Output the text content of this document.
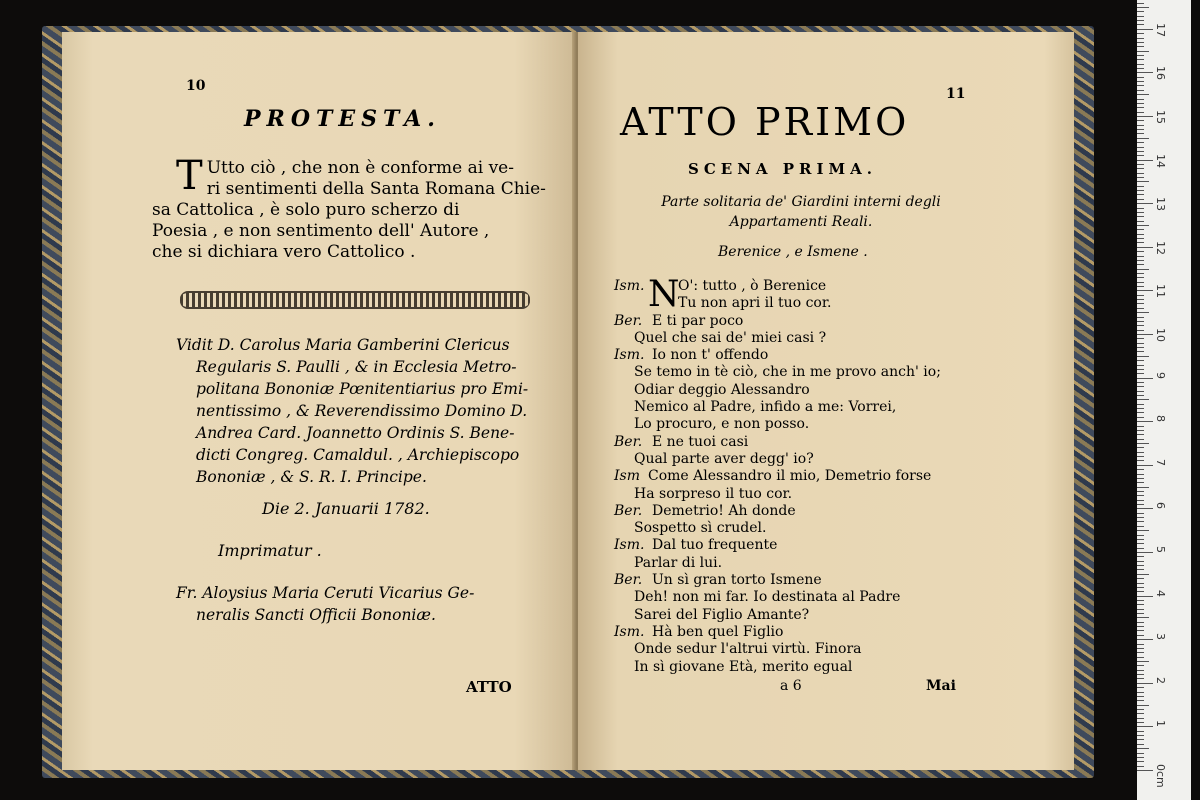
10
PROTESTA.
T Utto ciò , che non è conforme ai ve-
ri sentimenti della Santa Romana Chie-
sa Cattolica , è solo puro scherzo di
Poesia , e non sentimento dell' Autore ,
che si dichiara vero Cattolico .
Vidit D. Carolus Maria Gamberini Clericus
Regularis S. Paulli , & in Ecclesia Metro-
politana Bononiæ Pœnitentiarius pro Emi-
nentissimo , & Reverendissimo Domino D.
Andrea Card. Joannetto Ordinis S. Bene-
dicti Congreg. Camaldul. , Archiepiscopo
Bononiæ , & S. R. I. Principe.
Die 2. Januarii 1782.
Imprimatur .
Fr. Aloysius Maria Ceruti Vicarius Ge-
neralis Sancti Officii Bononiæ.
ATTO
11
ATTO PRIMO
SCENA PRIMA.
Parte solitaria de' Giardini interni degli
Appartamenti Reali.
Berenice , e Ismene .
Ism. N
O': tutto , ò Berenice
Tu non apri il tuo cor.
Ber. E ti par poco
Quel che sai de' miei casi ?
Ism. Io non t' offendo
Se temo in tè ciò, che in me provo anch' io;
Odiar deggio Alessandro
Nemico al Padre, infido a me: Vorrei,
Lo procuro, e non posso.
Ber. E ne tuoi casi
Qual parte aver degg' io?
Ism Come Alessandro il mio, Demetrio forse
Ha sorpreso il tuo cor.
Ber. Demetrio! Ah donde
Sospetto sì crudel.
Ism. Dal tuo frequente
Parlar di lui.
Ber. Un sì gran torto Ismene
Deh! non mi far. Io destinata al Padre
Sarei del Figlio Amante?
Ism. Hà ben quel Figlio
Onde sedur l'altrui virtù. Finora
In sì giovane Età, merito egual
a 6	Mai
0cm
1
2
3
4
5
6
7
8
9
10
11
12
13
14
15
16
17
